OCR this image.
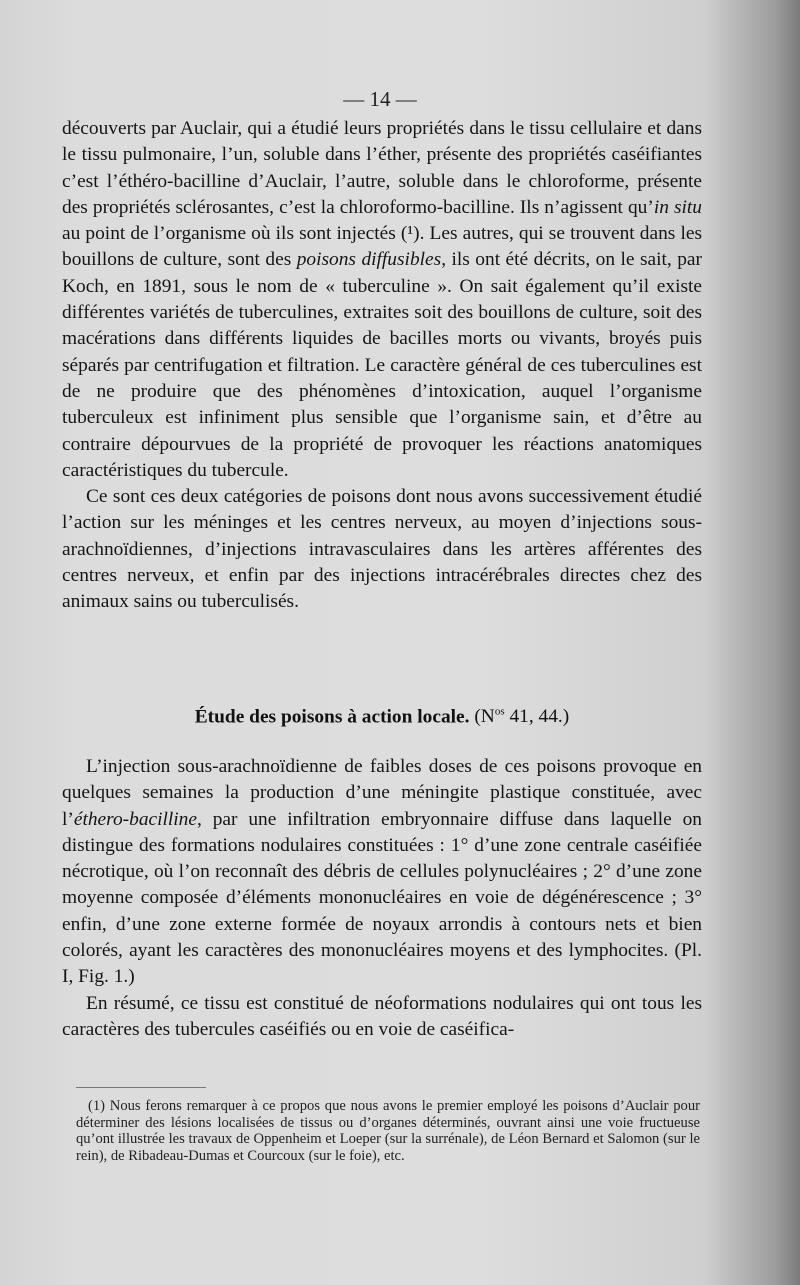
— 14 —

découverts par Auclair, qui a étudié leurs propriétés dans le tissu cellulaire et dans le tissu pulmonaire, l’un, soluble dans l’éther, présente des propriétés caséifiantes c’est l’éthéro-bacilline d’Auclair, l’autre, soluble dans le chloroforme, présente des propriétés sclérosantes, c’est la chloroformo-bacilline. Ils n’agissent qu’in situ au point de l’organisme où ils sont injectés (¹). Les autres, qui se trouvent dans les bouillons de culture, sont des poisons diffusibles, ils ont été décrits, on le sait, par Koch, en 1891, sous le nom de « tuberculine ». On sait également qu’il existe différentes variétés de tuberculines, extraites soit des bouillons de culture, soit des macérations dans différents liquides de bacilles morts ou vivants, broyés puis séparés par centrifugation et filtration. Le caractère général de ces tuberculines est de ne produire que des phénomènes d’intoxication, auquel l’organisme tuberculeux est infiniment plus sensible que l’organisme sain, et d’être au contraire dépourvues de la propriété de provoquer les réactions anatomiques caractéristiques du tubercule.

Ce sont ces deux catégories de poisons dont nous avons successivement étudié l’action sur les méninges et les centres nerveux, au moyen d’injections sous-arachnoïdiennes, d’injections intravasculaires dans les artères afférentes des centres nerveux, et enfin par des injections intracérébrales directes chez des animaux sains ou tuberculisés.

Étude des poisons à action locale. ($N^{os}$ 41, 44.)

L’injection sous-arachnoïdienne de faibles doses de ces poisons provoque en quelques semaines la production d’une méningite plastique constituée, avec l’éthero-bacilline, par une infiltration embryonnaire diffuse dans laquelle on distingue des formations nodulaires constituées : 1° d’une zone centrale caséifiée nécrotique, où l’on reconnaît des débris de cellules polynucléaires ; 2° d’une zone moyenne composée d’éléments mononucléaires en voie de dégénérescence ; 3° enfin, d’une zone externe formée de noyaux arrondis à contours nets et bien colorés, ayant les caractères des mononucléaires moyens et des lymphocites. (Pl. I, Fig. 1.)

En résumé, ce tissu est constitué de néoformations nodulaires qui ont tous les caractères des tubercules caséifiés ou en voie de caséifica-

(1) Nous ferons remarquer à ce propos que nous avons le premier employé les poisons d’Auclair pour déterminer des lésions localisées de tissus ou d’organes déterminés, ouvrant ainsi une voie fructueuse qu’ont illustrée les travaux de Oppenheim et Loeper (sur la surrénale), de Léon Bernard et Salomon (sur le rein), de Ribadeau-Dumas et Courcoux (sur le foie), etc.
